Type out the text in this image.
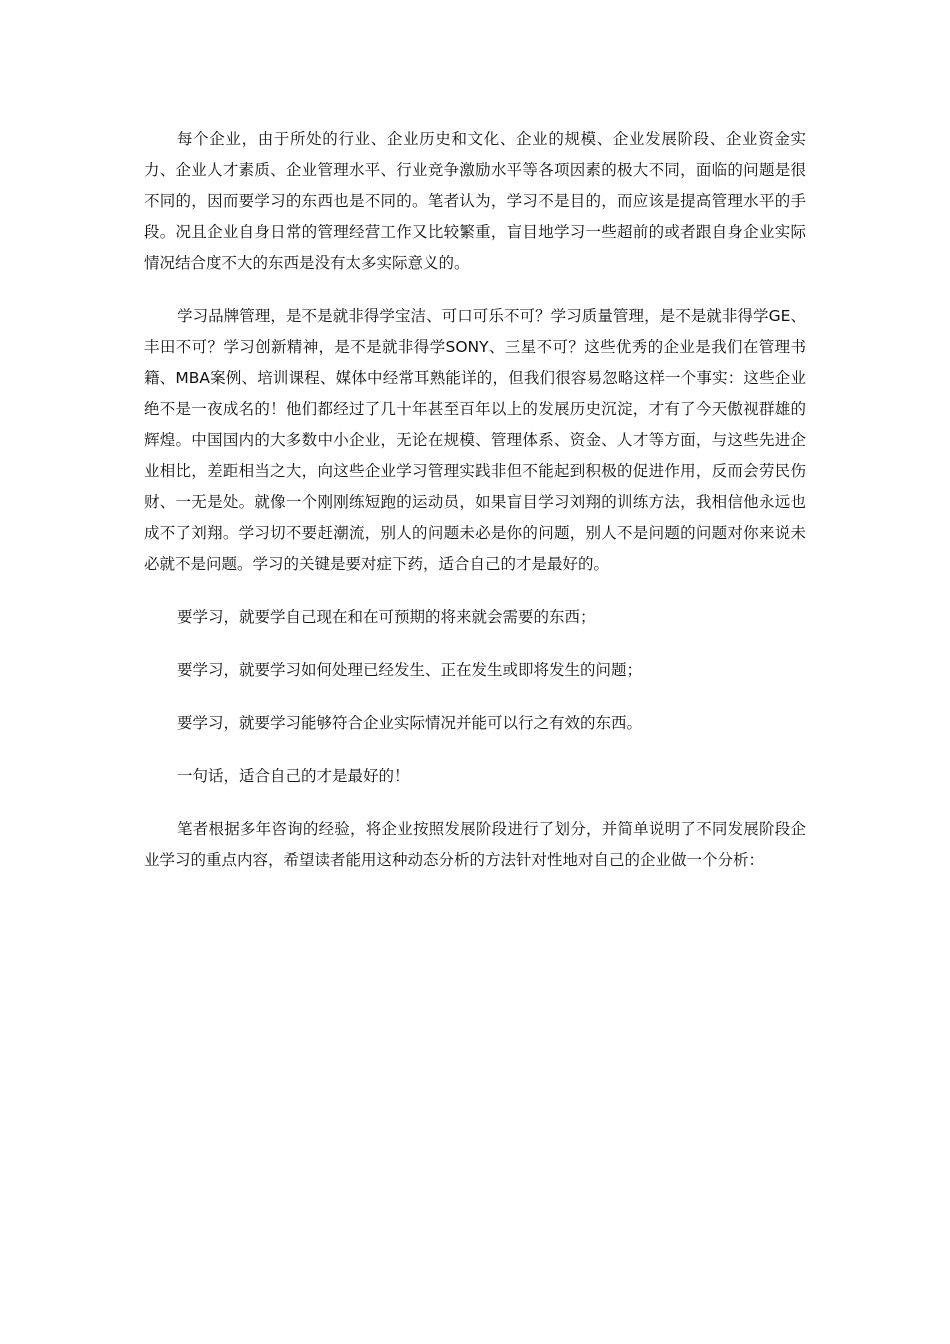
每个企业，由于所处的行业、企业历史和文化、企业的规模、企业发展阶段、企业资金实力、企业人才素质、企业管理水平、行业竞争激励水平等各项因素的极大不同，面临的问题是很不同的，因而要学习的东西也是不同的。笔者认为，学习不是目的，而应该是提高管理水平的手段。况且企业自身日常的管理经营工作又比较繁重，盲目地学习一些超前的或者跟自身企业实际情况结合度不大的东西是没有太多实际意义的。

学习品牌管理，是不是就非得学宝洁、可口可乐不可？学习质量管理，是不是就非得学GE、丰田不可？学习创新精神，是不是就非得学SONY、三星不可？这些优秀的企业是我们在管理书籍、MBA案例、培训课程、媒体中经常耳熟能详的，但我们很容易忽略这样一个事实：这些企业绝不是一夜成名的！他们都经过了几十年甚至百年以上的发展历史沉淀，才有了今天傲视群雄的辉煌。中国国内的大多数中小企业，无论在规模、管理体系、资金、人才等方面，与这些先进企业相比，差距相当之大，向这些企业学习管理实践非但不能起到积极的促进作用，反而会劳民伤财、一无是处。就像一个刚刚练短跑的运动员，如果盲目学习刘翔的训练方法，我相信他永远也成不了刘翔。学习切不要赶潮流，别人的问题未必是你的问题，别人不是问题的问题对你来说未必就不是问题。学习的关键是要对症下药，适合自己的才是最好的。

要学习，就要学自己现在和在可预期的将来就会需要的东西；

要学习，就要学习如何处理已经发生、正在发生或即将发生的问题；

要学习，就要学习能够符合企业实际情况并能可以行之有效的东西。

一句话，适合自己的才是最好的！

笔者根据多年咨询的经验，将企业按照发展阶段进行了划分，并简单说明了不同发展阶段企业学习的重点内容，希望读者能用这种动态分析的方法针对性地对自己的企业做一个分析：
